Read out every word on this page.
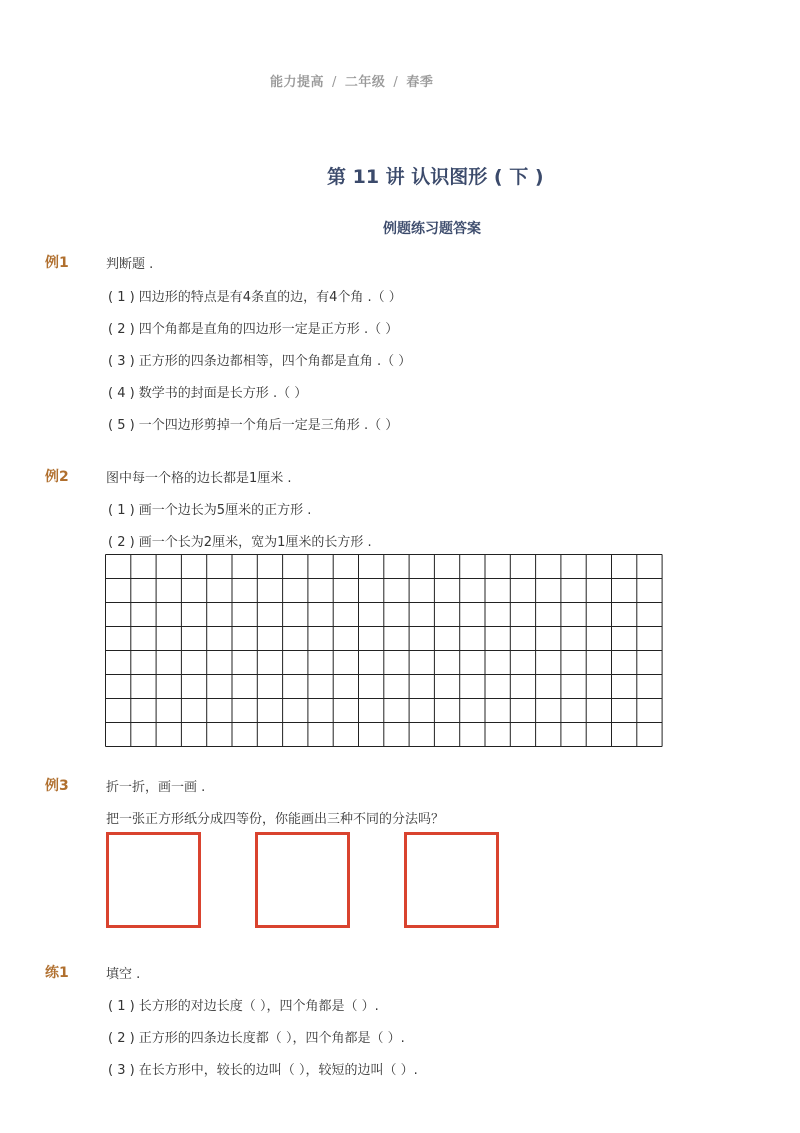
能力提高 / 二年级 / 春季
第 11 讲 认识图形 ( 下 )
例题练习题答案
例1	判断题 .
( 1 ) 四边形的特点是有4条直的边，有4个角 .（ ）
( 2 ) 四个角都是直角的四边形一定是正方形 .（ ）
( 3 ) 正方形的四条边都相等，四个角都是直角 .（ ）
( 4 ) 数学书的封面是长方形 .（ ）
( 5 ) 一个四边形剪掉一个角后一定是三角形 .（ ）
例2	图中每一个格的边长都是1厘米 .
( 1 ) 画一个边长为5厘米的正方形 .
( 2 ) 画一个长为2厘米，宽为1厘米的长方形 .
例3	折一折，画一画 .
把一张正方形纸分成四等份，你能画出三种不同的分法吗？
练1	填空 .
( 1 ) 长方形的对边长度（ ），四个角都是（ ）.
( 2 ) 正方形的四条边长度都（ ），四个角都是（ ）.
( 3 ) 在长方形中，较长的边叫（ ），较短的边叫（ ）.
